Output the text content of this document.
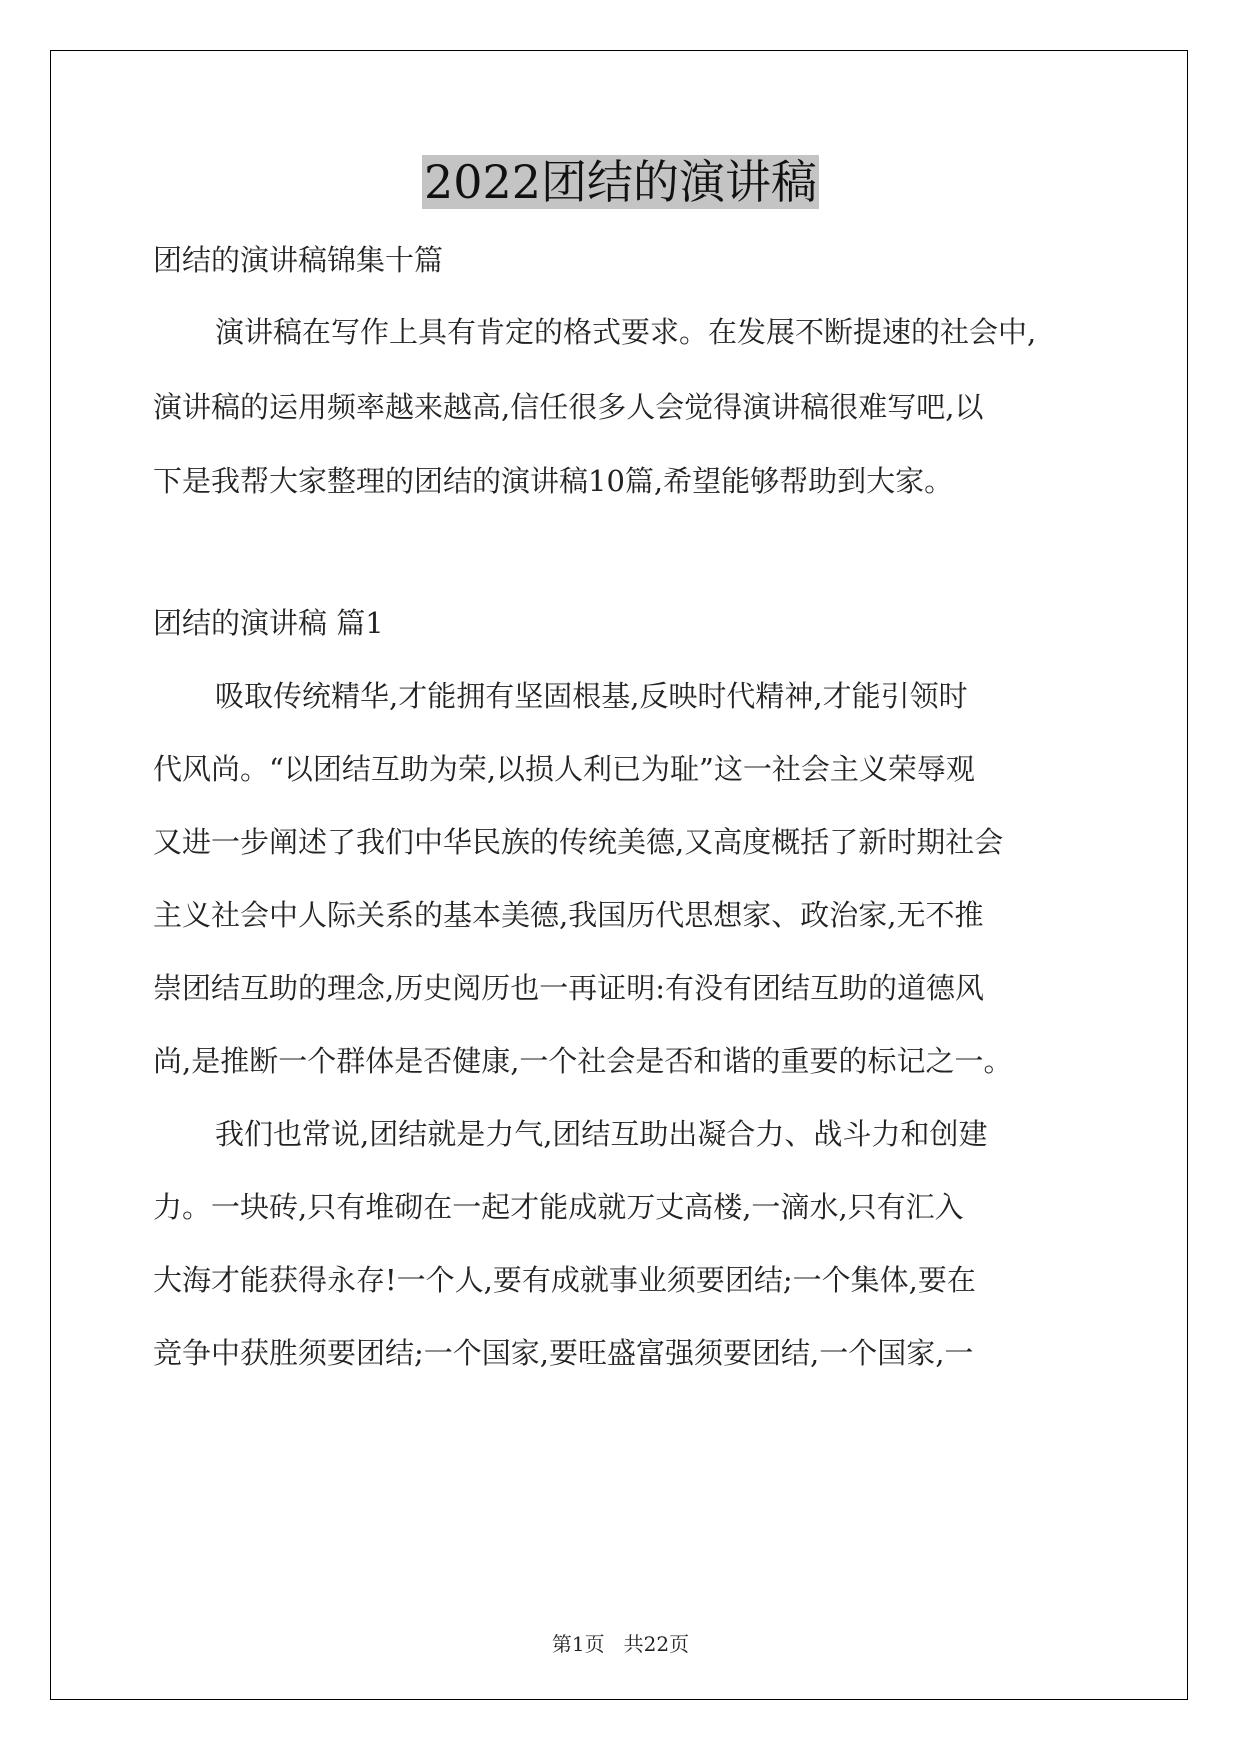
2022团结的演讲稿
团结的演讲稿锦集十篇
演讲稿在写作上具有肯定的格式要求。在发展不断提速的社会中,
演讲稿的运用频率越来越高,信任很多人会觉得演讲稿很难写吧,以
下是我帮大家整理的团结的演讲稿10篇,希望能够帮助到大家。
团结的演讲稿 篇1
吸取传统精华,才能拥有坚固根基,反映时代精神,才能引领时
代风尚。“以团结互助为荣,以损人利已为耻”这一社会主义荣辱观
又进一步阐述了我们中华民族的传统美德,又高度概括了新时期社会
主义社会中人际关系的基本美德,我国历代思想家、政治家,无不推
崇团结互助的理念,历史阅历也一再证明:有没有团结互助的道德风
尚,是推断一个群体是否健康,一个社会是否和谐的重要的标记之一。
我们也常说,团结就是力气,团结互助出凝合力、战斗力和创建
力。一块砖,只有堆砌在一起才能成就万丈高楼,一滴水,只有汇入
大海才能获得永存!一个人,要有成就事业须要团结;一个集体,要在
竞争中获胜须要团结;一个国家,要旺盛富强须要团结,一个国家,一
第1页   共22页
